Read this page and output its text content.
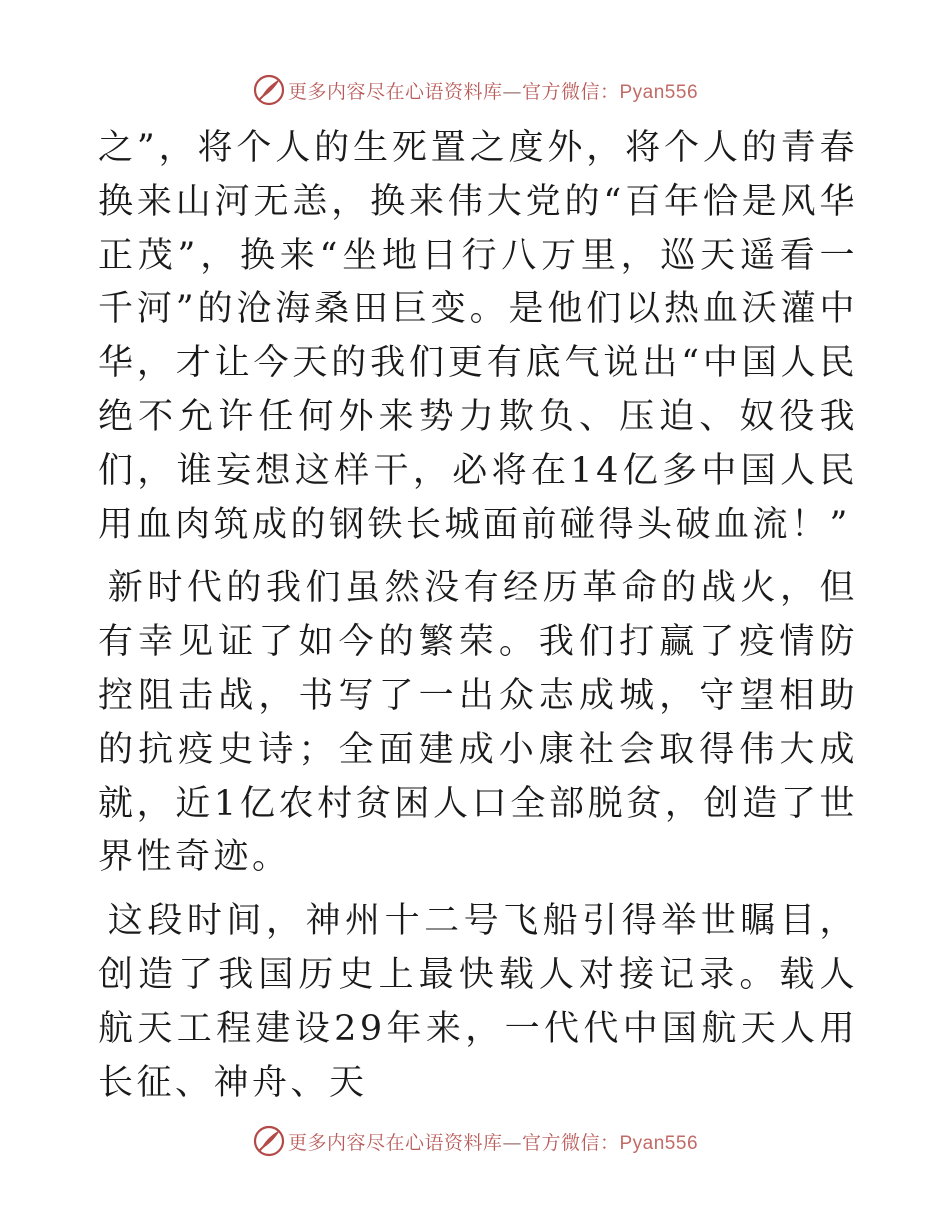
更多内容尽在心语资料库—官方微信：Pyan556

之”，将个人的生死置之度外，将个人的青春换来山河无恙，换来伟大党的“百年恰是风华正茂”，换来“坐地日行八万里，巡天遥看一千河”的沧海桑田巨变。是他们以热血沃灌中华，才让今天的我们更有底气说出“中国人民绝不允许任何外来势力欺负、压迫、奴役我们，谁妄想这样干，必将在14亿多中国人民用血肉筑成的钢铁长城面前碰得头破血流！”

新时代的我们虽然没有经历革命的战火，但有幸见证了如今的繁荣。我们打赢了疫情防控阻击战，书写了一出众志成城，守望相助的抗疫史诗；全面建成小康社会取得伟大成就，近1亿农村贫困人口全部脱贫，创造了世界性奇迹。

这段时间，神州十二号飞船引得举世瞩目，创造了我国历史上最快载人对接记录。载人航天工程建设29年来，一代代中国航天人用长征、神舟、天

更多内容尽在心语资料库—官方微信：Pyan556
